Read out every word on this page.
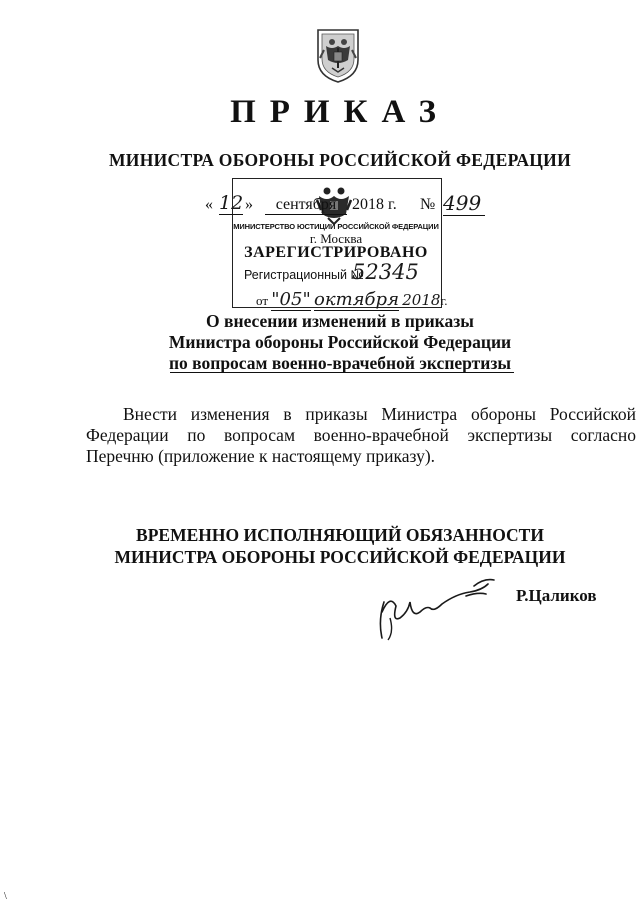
ПРИКАЗ
МИНИСТРА ОБОРОНЫ РОССИЙСКОЙ ФЕДЕРАЦИИ
МИНИСТЕРСТВО ЮСТИЦИИ РОССИЙСКОЙ ФЕДЕРАЦИИ
г. Москва
ЗАРЕГИСТРИРОВАНО
Регистрационный №
52345
от "05" октября 2018г.
« 12 »	сентября 2018 г. № 499
О внесении изменений в приказы
Министра обороны Российской Федерации
по вопросам военно-врачебной экспертизы
Внести изменения в приказы Министра обороны Российской Федерации по вопросам военно-врачебной экспертизы согласно Перечню (приложение к настоящему приказу).
ВРЕМЕННО ИСПОЛНЯЮЩИЙ ОБЯЗАННОСТИ
МИНИСТРА ОБОРОНЫ РОССИЙСКОЙ ФЕДЕРАЦИИ
Р.Цаликов
\
